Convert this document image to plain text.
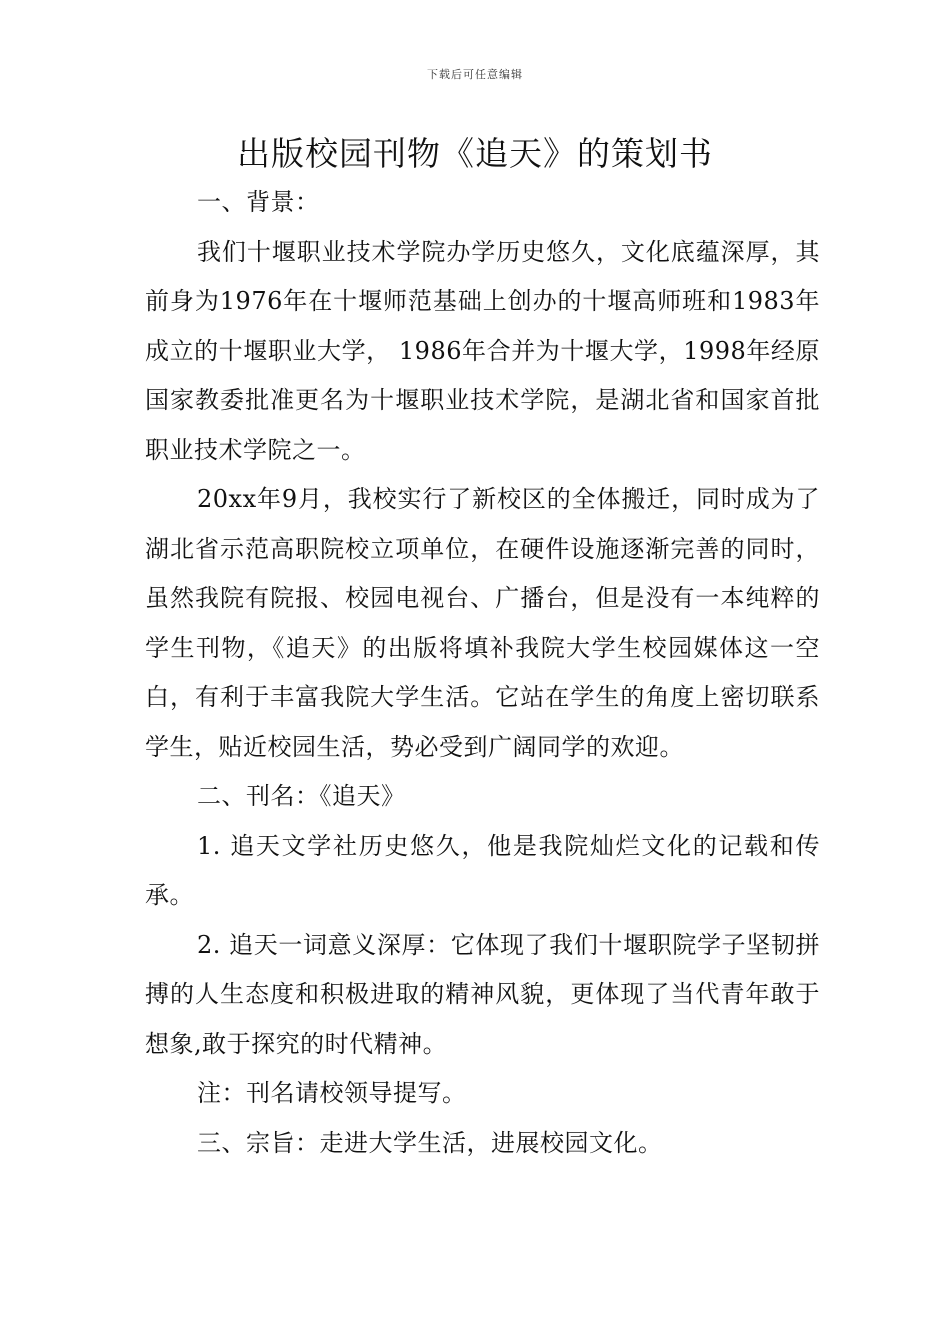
下载后可任意编辑
出版校园刊物《追天》的策划书

一、背景：

我们十堰职业技术学院办学历史悠久，文化底蕴深厚，其前身为1976年在十堰师范基础上创办的十堰高师班和1983年成立的十堰职业大学， 1986年合并为十堰大学，1998年经原国家教委批准更名为十堰职业技术学院，是湖北省和国家首批职业技术学院之一。

20xx年9月，我校实行了新校区的全体搬迁，同时成为了湖北省示范高职院校立项单位，在硬件设施逐渐完善的同时，虽然我院有院报、校园电视台、广播台，但是没有一本纯粹的学生刊物，《追天》的出版将填补我院大学生校园媒体这一空白，有利于丰富我院大学生活。它站在学生的角度上密切联系学生，贴近校园生活，势必受到广阔同学的欢迎。

二、刊名：《追天》

1. 追天文学社历史悠久，他是我院灿烂文化的记载和传承。

2. 追天一词意义深厚：它体现了我们十堰职院学子坚韧拼搏的人生态度和积极进取的精神风貌，更体现了当代青年敢于想象,敢于探究的时代精神。

注：刊名请校领导提写。

三、宗旨：走进大学生活，进展校园文化。
